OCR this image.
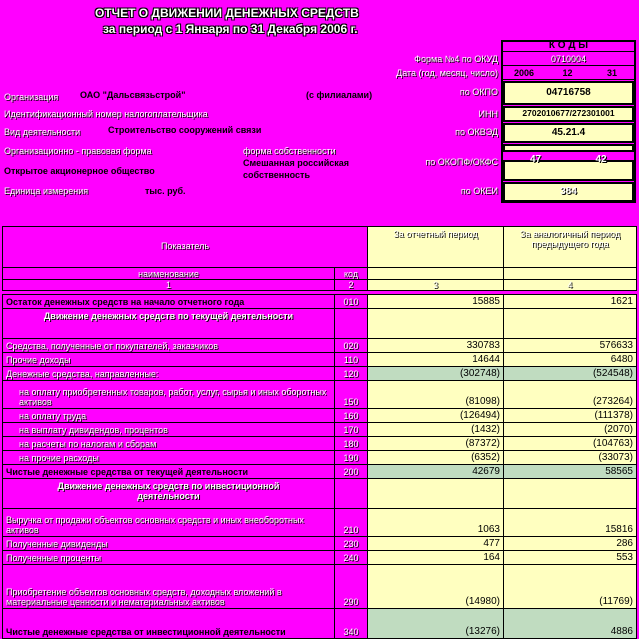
ОТЧЕТ О ДВИЖЕНИИ ДЕНЕЖНЫХ СРЕДСТВ
за период с 1 Января по 31 Декабря 2006 г.
К О Д Ы
Форма №4 по ОКУД	0710004
Дата (год, месяц, число)	2006	12	31
Организация ОАО "Дальсвязьстрой"	(с филиалами)	по ОКПО	04716758
Идентификационный номер налогоплательщика	ИНН	2702010677/272301001
Вид деятельности	Строительство сооружений связи	по ОКВЭД	45.21.4
Организационно - правовая форма	форма собственности
Открытое акционерное общество
Смешанная российская собственность
по ОКОПФ/ОКФС	47	42
Единица измерения	тыс. руб.	по ОКЕИ	384
Показатель
За отчетный период	За аналогичный период предыдущего года
наименование	код
1	2	3	4
Остаток денежных средств на начало отчетного года	010	15885	1621
Движение денежных средств по текущей деятельности
Средства, полученные от покупателей, заказчиков	020	330783	576633
Прочие доходы	110	14644	6480
Денежные средства, направленные:	120	(302748)	(524548)
на оплату приобретенных товаров, работ, услуг, сырья и иных оборотных активов	150	(81098)	(273264)
на оплату труда	160	(126494)	(111378)
на выплату дивидендов, процентов	170	(1432)	(2070)
на расчеты по налогам и сборам	180	(87372)	(104763)
на прочие расходы	190	(6352)	(33073)
Чистые денежные средства от текущей деятельности	200	42679	58565
Движение денежных средств по инвестиционной деятельности
Выручка от продажи объектов основных средств и иных внеоборотных активов	210	1063	15816
Полученные дивиденды	230	477	286
Полученные проценты	240	164	553
Приобретение объектов основных средств, доходных вложений в материальные ценности и нематериальных активов	290	(14980)	(11769)
Чистые денежные средства от инвестиционной деятельности	340	(13276)	4886
